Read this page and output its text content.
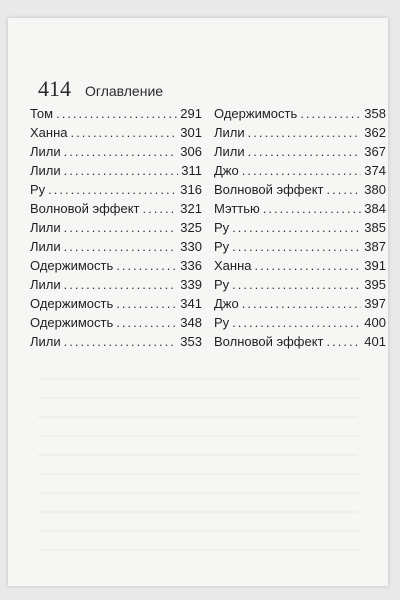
414 Оглавление
Том .....	291
Ханна .....	301
Лили .....	306
Лили .....	311
Ру .....	316
Волновой эффект .....	321
Лили .....	325
Лили .....	330
Одержимость .....	336
Лили .....	339
Одержимость .....	341
Одержимость .....	348
Лили .....	353
Одержимость .....	358
Лили .....	362
Лили .....	367
Джо .....	374
Волновой эффект .....	380
Мэттью .....	384
Ру .....	385
Ру .....	387
Ханна .....	391
Ру .....	395
Джо .....	397
Ру .....	400
Волновой эффект .....	401
